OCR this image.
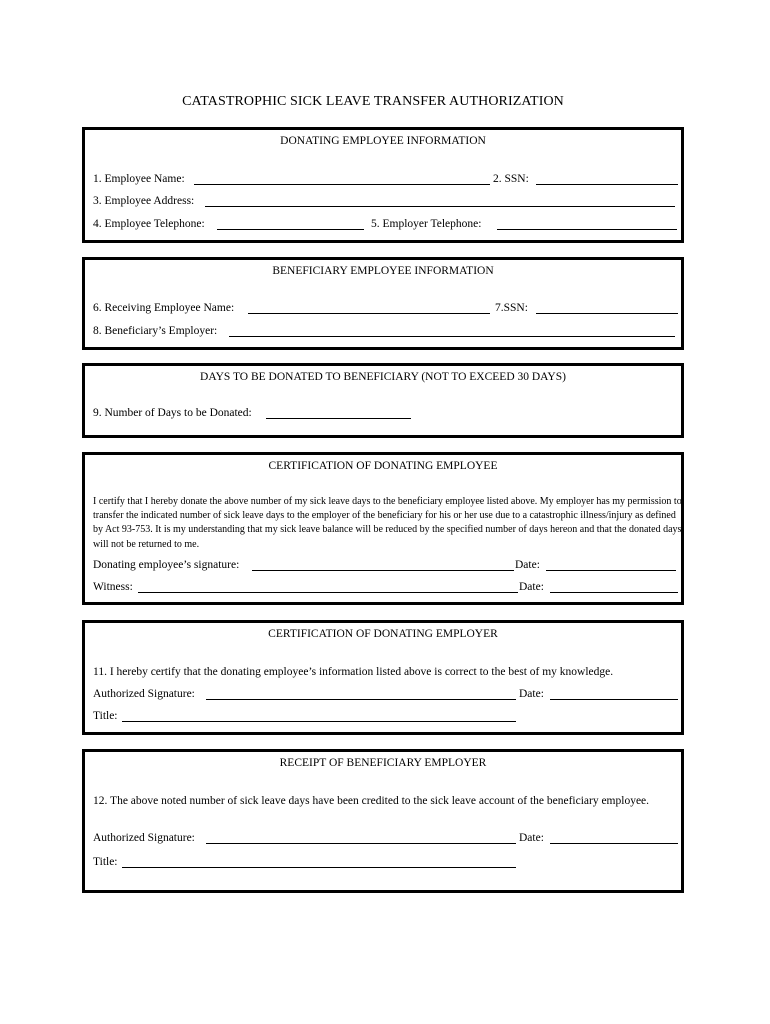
CATASTROPHIC SICK LEAVE TRANSFER AUTHORIZATION
DONATING EMPLOYEE INFORMATION
1. Employee Name:	2. SSN:
3. Employee Address:
4. Employee Telephone:	5. Employer Telephone:
BENEFICIARY EMPLOYEE INFORMATION
6. Receiving Employee Name:	7.SSN:
8. Beneficiary’s Employer:
DAYS TO BE DONATED TO BENEFICIARY (NOT TO EXCEED 30 DAYS)
9. Number of Days to be Donated:
CERTIFICATION OF DONATING EMPLOYEE
I certify that I hereby donate the above number of my sick leave days to the beneficiary employee listed above. My employer has my permission to transfer the indicated number of sick leave days to the employer of the beneficiary for his or her use due to a catastrophic illness/injury as defined by Act 93-753. It is my understanding that my sick leave balance will be reduced by the specified number of days hereon and that the donated days will not be returned to me.
Donating employee’s signature:	Date:
Witness:	Date:
CERTIFICATION OF DONATING EMPLOYER
11. I hereby certify that the donating employee’s information listed above is correct to the best of my knowledge.
Authorized Signature:	Date:
Title:
RECEIPT OF BENEFICIARY EMPLOYER
12. The above noted number of sick leave days have been credited to the sick leave account of the beneficiary employee.
Authorized Signature:	Date:
Title:
